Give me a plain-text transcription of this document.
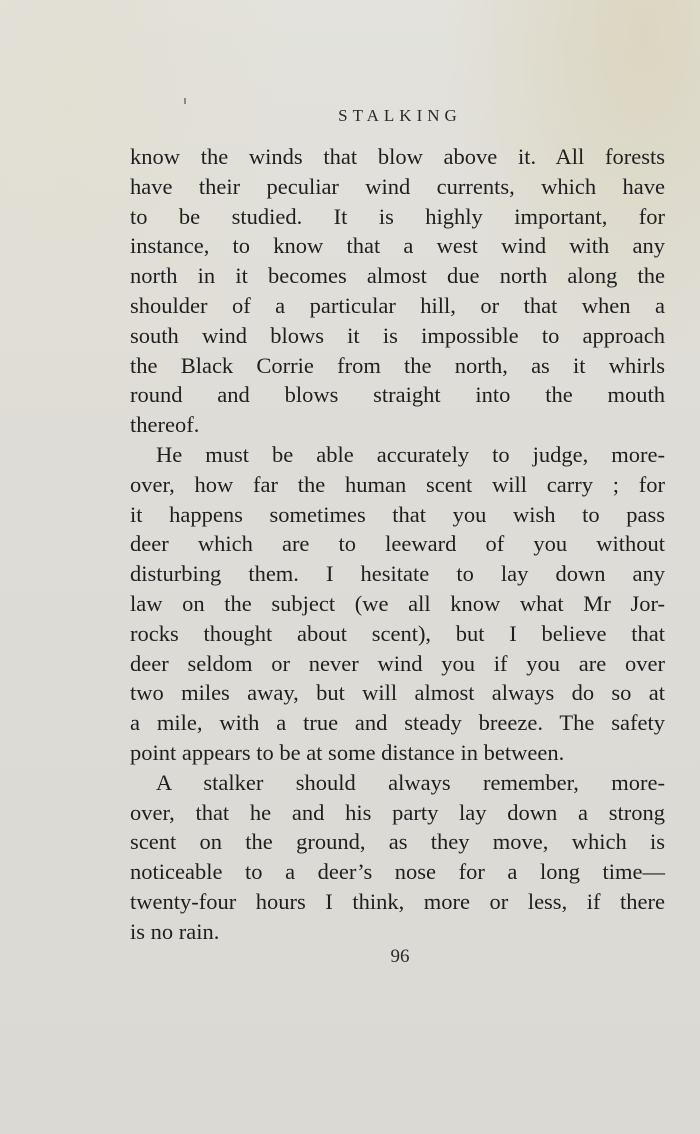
STALKING
know the winds that blow above it. All forests
have their peculiar wind currents, which have
to be studied. It is highly important, for
instance, to know that a west wind with any
north in it becomes almost due north along the
shoulder of a particular hill, or that when a
south wind blows it is impossible to approach
the Black Corrie from the north, as it whirls
round and blows straight into the mouth
thereof.
He must be able accurately to judge, more-
over, how far the human scent will carry ; for
it happens sometimes that you wish to pass
deer which are to leeward of you without
disturbing them. I hesitate to lay down any
law on the subject (we all know what Mr Jor-
rocks thought about scent), but I believe that
deer seldom or never wind you if you are over
two miles away, but will almost always do so at
a mile, with a true and steady breeze. The safety
point appears to be at some distance in between.
A stalker should always remember, more-
over, that he and his party lay down a strong
scent on the ground, as they move, which is
noticeable to a deer’s nose for a long time—
twenty-four hours I think, more or less, if there
is no rain.
96
